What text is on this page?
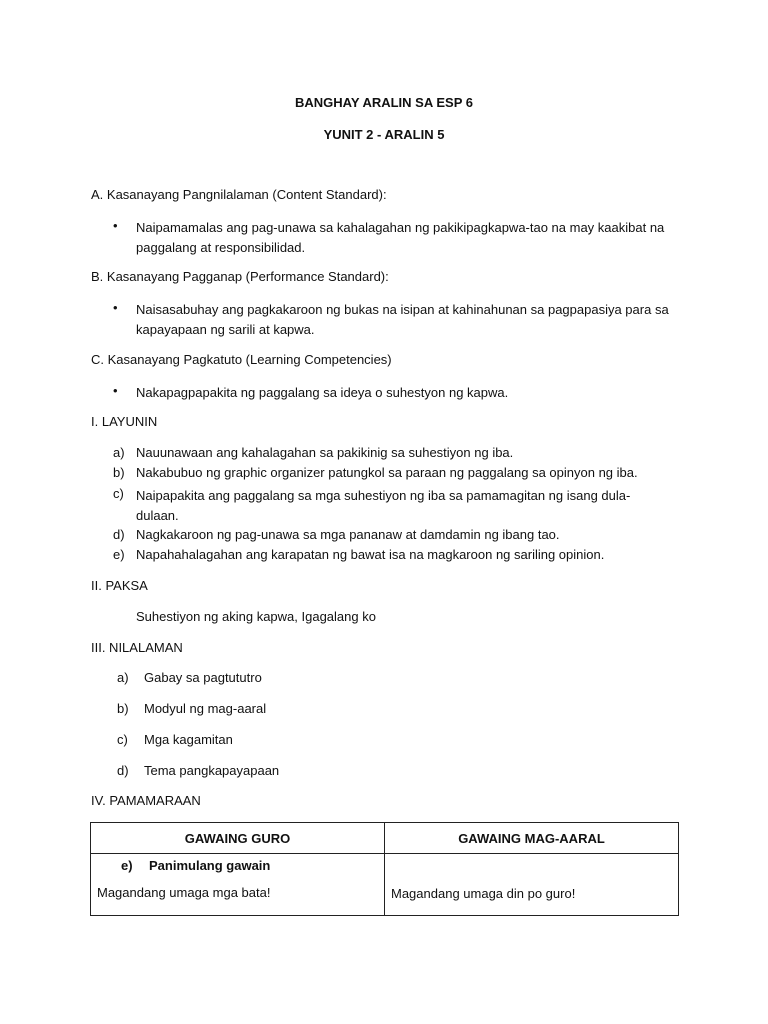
BANGHAY ARALIN SA ESP 6
YUNIT 2 - ARALIN 5
A. Kasanayang Pangnilalaman (Content Standard):
• Naipamamalas ang pag-unawa sa kahalagahan ng pakikipagkapwa-tao na may kaakibat na paggalang at responsibilidad.
B. Kasanayang Pagganap (Performance Standard):
• Naisasabuhay ang pagkakaroon ng bukas na isipan at kahinahunan sa pagpapasiya para sa kapayapaan ng sarili at kapwa.
C. Kasanayang Pagkatuto (Learning Competencies)
• Nakapagpapakita ng paggalang sa ideya o suhestyon ng kapwa.
I. LAYUNIN
a) Nauunawaan ang kahalagahan sa pakikinig sa suhestiyon ng iba.
b) Nakabubuo ng graphic organizer patungkol sa paraan ng paggalang sa opinyon ng iba.
c) Naipapakita ang paggalang sa mga suhestiyon ng iba sa pamamagitan ng isang dula-dulaan.
d) Nagkakaroon ng pag-unawa sa mga pananaw at damdamin ng ibang tao.
e) Napahahalagahan ang karapatan ng bawat isa na magkaroon ng sariling opinion.
II. PAKSA
Suhestiyon ng aking kapwa, Igagalang ko
III. NILALAMAN
a) Gabay sa pagtututro
b) Modyul ng mag-aaral
c) Mga kagamitan
d) Tema pangkapayapaan
IV. PAMAMARAAN
GAWAING GURO	GAWAING MAG-AARAL

e) Panimulang gawain
Magandang umaga mga bata!	Magandang umaga din po guro!
